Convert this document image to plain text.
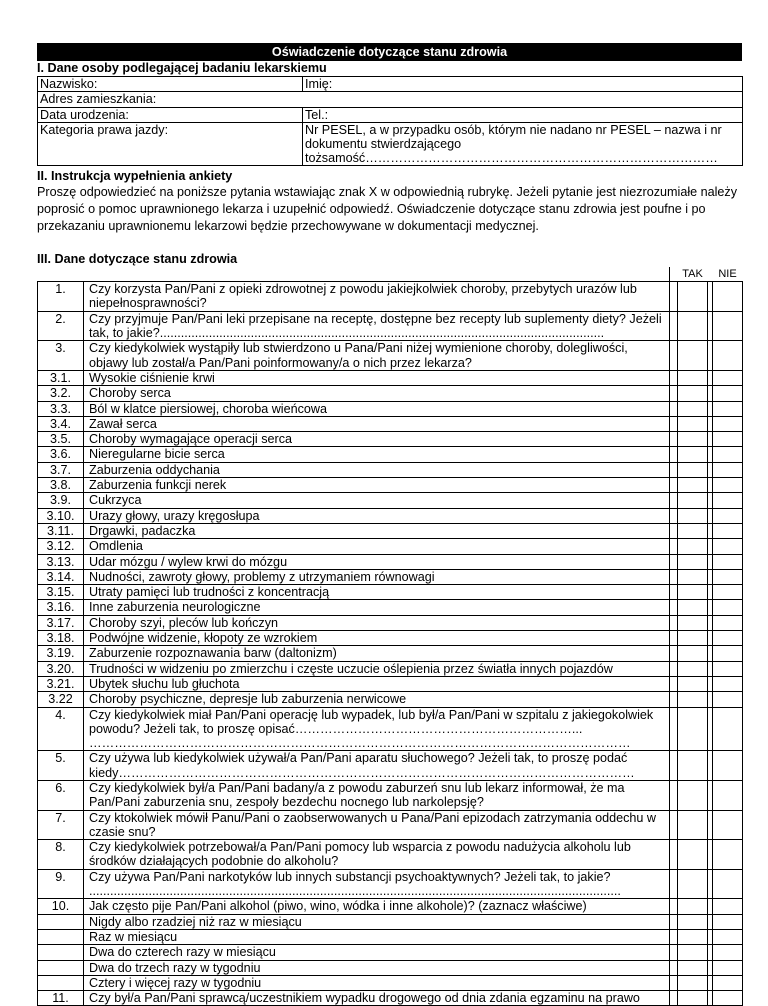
Oświadczenie dotyczące stanu zdrowia
I. Dane osoby podlegającej badaniu lekarskiemu
Nazwisko:	Imię:
Adres zamieszkania:	
Data urodzenia:	Tel.:
Kategoria prawa jazdy:	Nr PESEL, a w przypadku osób, którym nie nadano nr PESEL – nazwa i nr dokumentu stwierdzającego tożsamość…………………………………………………………………………
II. Instrukcja wypełnienia ankiety

Proszę odpowiedzieć na poniższe pytania wstawiając znak X w odpowiednią rubrykę. Jeżeli pytanie jest niezrozumiałe należy poprosić o pomoc uprawnionego lekarza i uzupełnić odpowiedź. Oświadczenie dotyczące stanu zdrowia jest poufne i po przekazaniu uprawnionemu lekarzowi będzie przechowywane w dokumentacji medycznej.

III. Dane dotyczące stanu zdrowia
			TAK		NIE
1.	Czy korzysta Pan/Pani z opieki zdrowotnej z powodu jakiejkolwiek choroby, przebytych urazów lub niepełnosprawności?				
2.	Czy przyjmuje Pan/Pani leki przepisane na receptę, dostępne bez recepty lub suplementy diety? Jeżeli tak, to jakie?...............................................................................................................................				
3.	Czy kiedykolwiek wystąpiły lub stwierdzono u Pana/Pani niżej wymienione choroby, dolegliwości, objawy lub został/a Pan/Pani poinformowany/a o nich przez lekarza?				
3.1.	Wysokie ciśnienie krwi				
3.2.	Choroby serca				
3.3.	Ból w klatce piersiowej, choroba wieńcowa				
3.4.	Zawał serca				
3.5.	Choroby wymagające operacji serca				
3.6.	Nieregularne bicie serca				
3.7.	Zaburzenia oddychania				
3.8.	Zaburzenia funkcji nerek				
3.9.	Cukrzyca				
3.10.	Urazy głowy, urazy kręgosłupa				
3.11.	Drgawki, padaczka				
3.12.	Omdlenia				
3.13.	Udar mózgu / wylew krwi do mózgu				
3.14.	Nudności, zawroty głowy, problemy z utrzymaniem równowagi				
3.15.	Utraty pamięci lub trudności z koncentracją				
3.16.	Inne zaburzenia neurologiczne				
3.17.	Choroby szyi, pleców lub kończyn				
3.18.	Podwójne widzenie, kłopoty ze wzrokiem				
3.19.	Zaburzenie rozpoznawania barw (daltonizm)				
3.20.	Trudności w widzeniu po zmierzchu i częste uczucie oślepienia przez światła innych pojazdów				
3.21.	Ubytek słuchu lub głuchota				
3.22	Choroby psychiczne, depresje lub zaburzenia nerwicowe				
4.	Czy kiedykolwiek miał Pan/Pani operację lub wypadek, lub był/a Pan/Pani w szpitalu z jakiegokolwiek powodu? Jeżeli tak, to proszę opisać…………………………………………………………... …………………………………………………………………………………………………………………				
5.	Czy używa lub kiedykolwiek używał/a Pan/Pani aparatu słuchowego? Jeżeli tak, to proszę podać kiedy……………………………………………………………………………………………………………				
6.	Czy kiedykolwiek był/a Pan/Pani badany/a z powodu zaburzeń snu lub lekarz informował, że ma Pan/Pani zaburzenia snu, zespoły bezdechu nocnego lub narkolepsję?				
7.	Czy ktokolwiek mówił Panu/Pani o zaobserwowanych u Pana/Pani epizodach zatrzymania oddechu w czasie snu?				
8.	Czy kiedykolwiek potrzebował/a Pan/Pani pomocy lub wsparcia z powodu nadużycia alkoholu lub środków działających podobnie do alkoholu?				
9.	Czy używa Pan/Pani narkotyków lub innych substancji psychoaktywnych? Jeżeli tak, to jakie? ........................................................................................................................................................				
10.	Jak często pije Pan/Pani alkohol (piwo, wino, wódka i inne alkohole)? (zaznacz właściwe)				
	Nigdy albo rzadziej niż raz w miesiącu				
	Raz w miesiącu				
	Dwa do czterech razy w miesiącu				
	Dwa do trzech razy w tygodniu				
	Cztery i więcej razy w tygodniu				
11.	Czy był/a Pan/Pani sprawcą/uczestnikiem wypadku drogowego od dnia zdania egzaminu na prawo				
